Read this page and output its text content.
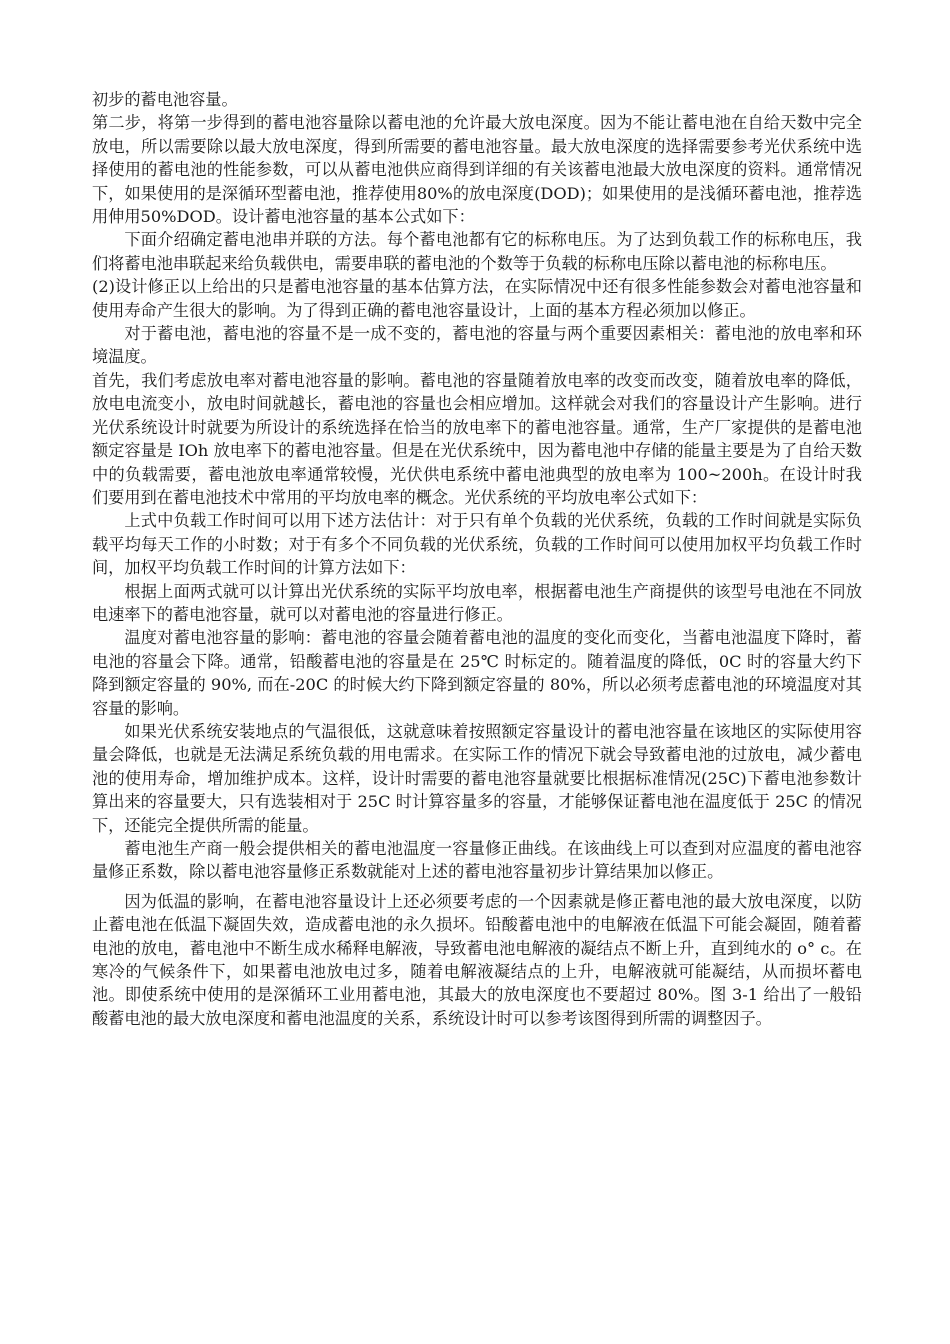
初步的蓄电池容量。

第二步，将第一步得到的蓄电池容量除以蓄电池的允许最大放电深度。因为不能让蓄电池在自给天数中完全放电，所以需要除以最大放电深度，得到所需要的蓄电池容量。最大放电深度的选择需要参考光伏系统中选择使用的蓄电池的性能参数，可以从蓄电池供应商得到详细的有关该蓄电池最大放电深度的资料。通常情况下，如果使用的是深循环型蓄电池，推荐使用80%的放电深度(DOD)；如果使用的是浅循环蓄电池，推荐选用伸用50%DOD。设计蓄电池容量的基本公式如下：

下面介绍确定蓄电池串并联的方法。每个蓄电池都有它的标称电压。为了达到负载工作的标称电压，我们将蓄电池串联起来给负载供电，需要串联的蓄电池的个数等于负载的标称电压除以蓄电池的标称电压。

(2)设计修正以上给出的只是蓄电池容量的基本估算方法，在实际情况中还有很多性能参数会对蓄电池容量和使用寿命产生很大的影响。为了得到正确的蓄电池容量设计，上面的基本方程必须加以修正。

对于蓄电池，蓄电池的容量不是一成不变的，蓄电池的容量与两个重要因素相关：蓄电池的放电率和环境温度。

首先，我们考虑放电率对蓄电池容量的影响。蓄电池的容量随着放电率的改变而改变，随着放电率的降低，放电电流变小，放电时间就越长，蓄电池的容量也会相应增加。这样就会对我们的容量设计产生影响。进行光伏系统设计时就要为所设计的系统选择在恰当的放电率下的蓄电池容量。通常，生产厂家提供的是蓄电池额定容量是 IOh 放电率下的蓄电池容量。但是在光伏系统中，因为蓄电池中存储的能量主要是为了自给天数中的负载需要，蓄电池放电率通常较慢，光伏供电系统中蓄电池典型的放电率为 100~200h。在设计时我们要用到在蓄电池技术中常用的平均放电率的概念。光伏系统的平均放电率公式如下：

上式中负载工作时间可以用下述方法估计：对于只有单个负载的光伏系统，负载的工作时间就是实际负载平均每天工作的小时数；对于有多个不同负载的光伏系统，负载的工作时间可以使用加权平均负载工作时间，加权平均负载工作时间的计算方法如下：

根据上面两式就可以计算出光伏系统的实际平均放电率，根据蓄电池生产商提供的该型号电池在不同放电速率下的蓄电池容量，就可以对蓄电池的容量进行修正。

温度对蓄电池容量的影响：蓄电池的容量会随着蓄电池的温度的变化而变化，当蓄电池温度下降时，蓄电池的容量会下降。通常，铅酸蓄电池的容量是在 25℃ 时标定的。随着温度的降低，0C 时的容量大约下降到额定容量的 90%, 而在-20C 的时候大约下降到额定容量的 80%，所以必须考虑蓄电池的环境温度对其容量的影响。

如果光伏系统安装地点的气温很低，这就意味着按照额定容量设计的蓄电池容量在该地区的实际使用容量会降低，也就是无法满足系统负载的用电需求。在实际工作的情况下就会导致蓄电池的过放电，减少蓄电池的使用寿命，增加维护成本。这样，设计时需要的蓄电池容量就要比根据标准情况(25C)下蓄电池参数计算出来的容量要大，只有选装相对于 25C 时计算容量多的容量，才能够保证蓄电池在温度低于 25C 的情况下，还能完全提供所需的能量。

蓄电池生产商一般会提供相关的蓄电池温度一容量修正曲线。在该曲线上可以查到对应温度的蓄电池容量修正系数，除以蓄电池容量修正系数就能对上述的蓄电池容量初步计算结果加以修正。

因为低温的影响，在蓄电池容量设计上还必须要考虑的一个因素就是修正蓄电池的最大放电深度，以防止蓄电池在低温下凝固失效，造成蓄电池的永久损坏。铅酸蓄电池中的电解液在低温下可能会凝固，随着蓄电池的放电，蓄电池中不断生成水稀释电解液，导致蓄电池电解液的凝结点不断上升，直到纯水的 o° c。在寒冷的气候条件下，如果蓄电池放电过多，随着电解液凝结点的上升，电解液就可能凝结，从而损坏蓄电池。即使系统中使用的是深循环工业用蓄电池，其最大的放电深度也不要超过 80%。图 3-1 给出了一般铅酸蓄电池的最大放电深度和蓄电池温度的关系，系统设计时可以参考该图得到所需的调整因子。
